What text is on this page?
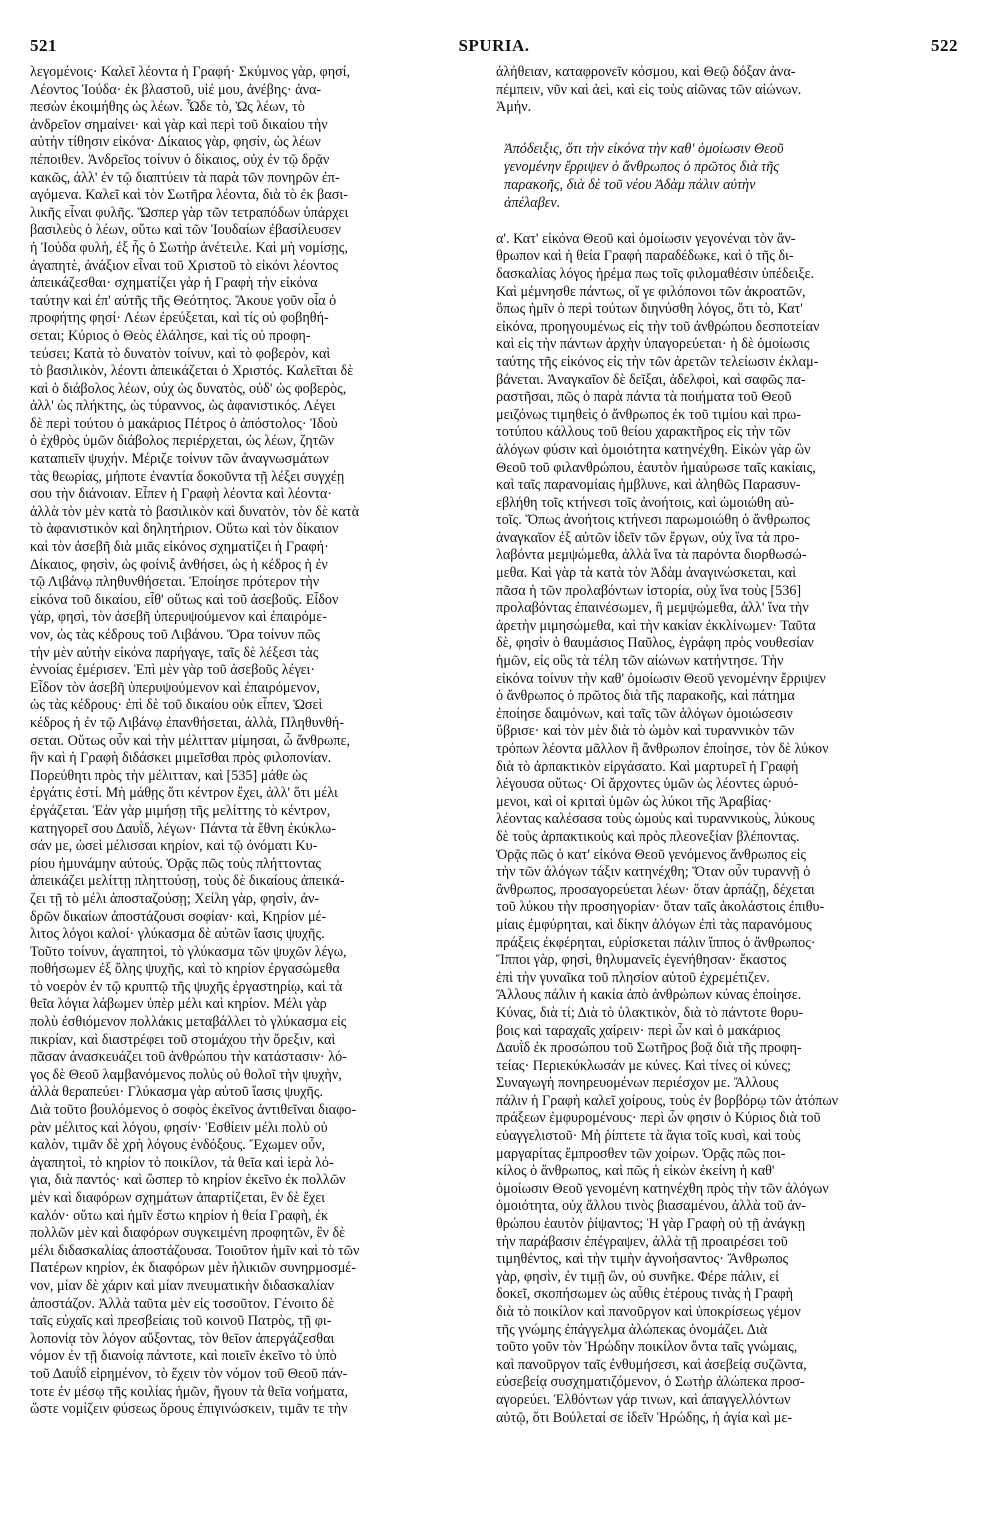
521	SPURIA.	522
λεγομένοις· Καλεῖ λέοντα ἡ Γραφή· Σκύμνος γὰρ, φησί,
Λέοντος Ἰούδα· ἐκ βλαστοῦ, υἱέ μου, ἀνέβης· ἀνα-
πεσὼν ἐκοιμήθης ὡς λέων. Ὧδε τὸ, Ὡς λέων, τὸ
ἀνδρεῖον σημαίνει· καὶ γὰρ καὶ περὶ τοῦ δικαίου τὴν
αὐτὴν τίθησιν εἰκόνα· Δίκαιος γὰρ, φησίν, ὡς λέων
πέποιθεν. Ἀνδρεῖος τοίνυν ὁ δίκαιος, οὐχ ἐν τῷ δρᾷν
κακῶς, ἀλλ' ἐν τῷ διαπτύειν τὰ παρὰ τῶν πονηρῶν ἐπ-
αγόμενα. Καλεῖ καὶ τὸν Σωτῆρα λέοντα, διὰ τὸ ἐκ βασι-
λικῆς εἶναι φυλῆς. Ὥσπερ γὰρ τῶν τετραπόδων ὑπάρχει
βασιλεὺς ὁ λέων, οὕτω καὶ τῶν Ἰουδαίων ἐβασίλευσεν
ἡ Ἰούδα φυλὴ, ἐξ ἧς ὁ Σωτὴρ ἀνέτειλε. Καὶ μὴ νομίσῃς,
ἀγαπητὲ, ἀνάξιον εἶναι τοῦ Χριστοῦ τὸ εἰκόνι λέοντος
ἀπεικάζεσθαι· σχηματίζει γὰρ ἡ Γραφὴ τὴν εἰκόνα
ταύτην καὶ ἐπ' αὐτῆς τῆς Θεότητος. Ἄκουε γοῦν οἷα ὁ
προφήτης φησί· Λέων ἐρεύξεται, καὶ τίς οὐ φοβηθή-
σεται; Κύριος ὁ Θεὸς ἐλάλησε, καὶ τίς οὐ προφη-
τεύσει; Κατὰ τὸ δυνατὸν τοίνυν, καὶ τὸ φοβερὸν, καὶ
τὸ βασιλικὸν, λέοντι ἀπεικάζεται ὁ Χριστός. Καλεῖται δὲ
καὶ ὁ διάβολος λέων, οὐχ ὡς δυνατὸς, οὐδ' ὡς φοβερὸς,
ἀλλ' ὡς πλήκτης, ὡς τύραννος, ὡς ἀφανιστικός. Λέγει
δὲ περὶ τούτου ὁ μακάριος Πέτρος ὁ ἀπόστολος· Ἰδοὺ
ὁ ἐχθρὸς ὑμῶν διάβολος περιέρχεται, ὡς λέων, ζητῶν
καταπιεῖν ψυχήν. Μέριζε τοίνυν τῶν ἀναγνωσμάτων
τὰς θεωρίας, μήποτε ἐναντία δοκοῦντα τῇ λέξει συγχέῃ
σου τὴν διάνοιαν. Εἶπεν ἡ Γραφὴ λέοντα καὶ λέοντα·
ἀλλὰ τὸν μὲν κατὰ τὸ βασιλικὸν καὶ δυνατὸν, τὸν δὲ κατὰ
τὸ ἀφανιστικὸν καὶ δηλητήριον. Οὕτω καὶ τὸν δίκαιον
καὶ τὸν ἀσεβῆ διὰ μιᾶς εἰκόνος σχηματίζει ἡ Γραφή·
Δίκαιος, φησὶν, ὡς φοίνιξ ἀνθήσει, ὡς ἡ κέδρος ἡ ἐν
τῷ Λιβάνῳ πληθυνθήσεται. Ἐποίησε πρότερον τὴν
εἰκόνα τοῦ δικαίου, εἶθ' οὕτως καὶ τοῦ ἀσεβοῦς. Εἶδον
γὰρ, φησὶ, τὸν ἀσεβῆ ὑπερυψούμενον καὶ ἐπαιρόμε-
νον, ὡς τὰς κέδρους τοῦ Λιβάνου. Ὅρα τοίνυν πῶς
τὴν μὲν αὐτὴν εἰκόνα παρήγαγε, ταῖς δὲ λέξεσι τὰς
ἐννοίας ἐμέρισεν. Ἐπὶ μὲν γὰρ τοῦ ἀσεβοῦς λέγει·
Εἶδον τὸν ἀσεβῆ ὑπερυψούμενον καὶ ἐπαιρόμενον,
ὡς τὰς κέδρους· ἐπὶ δὲ τοῦ δικαίου οὐκ εἶπεν, Ὡσεὶ
κέδρος ἡ ἐν τῷ Λιβάνῳ ἐπανθήσεται, ἀλλὰ, Πληθυνθή-
σεται. Οὕτως οὖν καὶ τὴν μέλιτταν μίμησαι, ὦ ἄνθρωπε,
ἣν καὶ ἡ Γραφὴ διδάσκει μιμεῖσθαι πρὸς φιλοπονίαν.
Πορεύθητι πρὸς τὴν μέλιτταν, καὶ [535] μάθε ὡς
ἐργάτις ἐστί. Μὴ μάθῃς ὅτι κέντρον ἔχει, ἀλλ' ὅτι μέλι
ἐργάζεται. Ἐὰν γὰρ μιμήσῃ τῆς μελίττης τὸ κέντρον,
κατηγορεῖ σου Δαυῒδ, λέγων· Πάντα τὰ ἔθνη ἐκύκλω-
σάν με, ὡσεὶ μέλισσαι κηρίον, καὶ τῷ ὀνόματι Κυ-
ρίου ἠμυνάμην αὐτούς. Ὁρᾷς πῶς τοὺς πλήττοντας
ἀπεικάζει μελίττῃ πληττούσῃ, τοὺς δὲ δικαίους ἀπεικά-
ζει τῇ τὸ μέλι ἀποσταζούσῃ; Χείλη γὰρ, φησὶν, ἀν-
δρῶν δικαίων ἀποστάζουσι σοφίαν· καὶ, Κηρίον μέ-
λιτος λόγοι καλοί· γλύκασμα δὲ αὐτῶν ἴασις ψυχῆς.
Τοῦτο τοίνυν, ἀγαπητοὶ, τὸ γλύκασμα τῶν ψυχῶν λέγω,
ποθήσωμεν ἐξ ὅλης ψυχῆς, καὶ τὸ κηρίον ἐργασώμεθα
τὸ νοερὸν ἐν τῷ κρυπτῷ τῆς ψυχῆς ἐργαστηρίῳ, καὶ τὰ
θεῖα λόγια λάβωμεν ὑπὲρ μέλι καὶ κηρίον. Μέλι γὰρ
πολὺ ἐσθιόμενον πολλάκις μεταβάλλει τὸ γλύκασμα εἰς
πικρίαν, καὶ διαστρέφει τοῦ στομάχου τὴν ὄρεξιν, καὶ
πᾶσαν ἀνασκευάζει τοῦ ἀνθρώπου τὴν κατάστασιν· λό-
γος δὲ Θεοῦ λαμβανόμενος πολὺς οὐ θολοῖ τὴν ψυχὴν,
ἀλλὰ θεραπεύει· Γλύκασμα γὰρ αὐτοῦ ἴασις ψυχῆς.
Διὰ τοῦτο βουλόμενος ὁ σοφὸς ἐκεῖνος ἀντιθεῖναι διαφο-
ρὰν μέλιτος καὶ λόγου, φησίν· Ἐσθίειν μέλι πολὺ οὐ
καλὸν, τιμᾶν δὲ χρὴ λόγους ἐνδόξους. Ἔχωμεν οὖν,
ἀγαπητοὶ, τὸ κηρίον τὸ ποικίλον, τὰ θεῖα καὶ ἱερὰ λό-
για, διὰ παντός· καὶ ὥσπερ τὸ κηρίον ἐκεῖνο ἐκ πολλῶν
μὲν καὶ διαφόρων σχημάτων ἀπαρτίζεται, ἓν δὲ ἔχει
καλόν· οὕτω καὶ ἡμῖν ἔστω κηρίον ἡ θεία Γραφὴ, ἐκ
πολλῶν μὲν καὶ διαφόρων συγκειμένη προφητῶν, ἓν δὲ
μέλι διδασκαλίας ἀποστάζουσα. Τοιοῦτον ἡμῖν καὶ τὸ τῶν
Πατέρων κηρίον, ἐκ διαφόρων μὲν ἡλικιῶν συνηρμοσμέ-
νον, μίαν δὲ χάριν καὶ μίαν πνευματικὴν διδασκαλίαν
ἀποστάζον. Ἀλλὰ ταῦτα μὲν εἰς τοσοῦτον. Γένοιτο δὲ
ταῖς εὐχαῖς καὶ πρεσβείαις τοῦ κοινοῦ Πατρὸς, τῇ φι-
λοπονίᾳ τὸν λόγον αὔξοντας, τὸν θεῖον ἀπεργάζεσθαι
νόμον ἐν τῇ διανοίᾳ πάντοτε, καὶ ποιεῖν ἐκεῖνο τὸ ὑπὸ
τοῦ Δαυῒδ εἰρημένον, τὸ ἔχειν τὸν νόμον τοῦ Θεοῦ πάν-
τοτε ἐν μέσῳ τῆς κοιλίας ἡμῶν, ἤγουν τὰ θεῖα νοήματα,
ὥστε νομίζειν φύσεως ὅρους ἐπιγινώσκειν, τιμᾶν τε τὴν
ἀλήθειαν, καταφρονεῖν κόσμου, καὶ Θεῷ δόξαν ἀνα-
πέμπειν, νῦν καὶ ἀεὶ, καὶ εἰς τοὺς αἰῶνας τῶν αἰώνων.
Ἀμήν.
Ἀπόδειξις, ὅτι τὴν εἰκόνα τὴν καθ' ὁμοίωσιν Θεοῦ
γενομένην ἔρριψεν ὁ ἄνθρωπος ὁ πρῶτος διὰ τῆς
παρακοῆς, διὰ δὲ τοῦ νέου Ἀδὰμ πάλιν αὐτὴν
ἀπέλαβεν.
α'. Κατ' εἰκόνα Θεοῦ καὶ ὁμοίωσιν γεγονέναι τὸν ἄν-
θρωπον καὶ ἡ θεία Γραφὴ παραδέδωκε, καὶ ὁ τῆς δι-
δασκαλίας λόγος ἠρέμα πως τοῖς φιλομαθέσιν ὑπέδειξε.
Καὶ μέμνησθε πάντως, οἵ γε φιλόπονοι τῶν ἀκροατῶν,
ὅπως ἡμῖν ὁ περὶ τούτων διηνύσθη λόγος, ὅτι τὸ, Κατ'
εἰκόνα, προηγουμένως εἰς τὴν τοῦ ἀνθρώπου δεσποτείαν
καὶ εἰς τὴν πάντων ἀρχὴν ὑπαγορεύεται· ἡ δὲ ὁμοίωσις
ταύτης τῆς εἰκόνος εἰς τὴν τῶν ἀρετῶν τελείωσιν ἐκλαμ-
βάνεται. Ἀναγκαῖον δὲ δεῖξαι, ἀδελφοὶ, καὶ σαφῶς πα-
ραστῆσαι, πῶς ὁ παρὰ πάντα τὰ ποιήματα τοῦ Θεοῦ
μειζόνως τιμηθεὶς ὁ ἄνθρωπος ἐκ τοῦ τιμίου καὶ πρω-
τοτύπου κάλλους τοῦ θείου χαρακτῆρος εἰς τὴν τῶν
ἀλόγων φύσιν καὶ ὁμοιότητα κατηνέχθη. Εἰκὼν γὰρ ὢν
Θεοῦ τοῦ φιλανθρώπου, ἑαυτὸν ἠμαύρωσε ταῖς κακίαις,
καὶ ταῖς παρανομίαις ἠμβλυνε, καὶ ἀληθῶς Παρασυν-
εβλήθη τοῖς κτήνεσι τοῖς ἀνοήτοις, καὶ ὡμοιώθη αὐ-
τοῖς. Ὅπως ἀνοήτοις κτήνεσι παρωμοιώθη ὁ ἄνθρωπος
ἀναγκαῖον ἐξ αὐτῶν ἰδεῖν τῶν ἔργων, οὐχ ἵνα τὰ προ-
λαβόντα μεμψώμεθα, ἀλλὰ ἵνα τὰ παρόντα διορθωσώ-
μεθα. Καὶ γὰρ τὰ κατὰ τὸν Ἀδὰμ ἀναγινώσκεται, καὶ
πᾶσα ἡ τῶν προλαβόντων ἱστορία, οὐχ ἵνα τοὺς [536]
προλαβόντας ἐπαινέσωμεν, ἢ μεμψώμεθα, ἀλλ' ἵνα τὴν
ἀρετὴν μιμησώμεθα, καὶ τὴν κακίαν ἐκκλίνωμεν· Ταῦτα
δὲ, φησὶν ὁ θαυμάσιος Παῦλος, ἐγράφη πρὸς νουθεσίαν
ἡμῶν, εἰς οὓς τὰ τέλη τῶν αἰώνων κατήντησε. Τὴν
εἰκόνα τοίνυν τὴν καθ' ὁμοίωσιν Θεοῦ γενομένην ἔρριψεν
ὁ ἄνθρωπος ὁ πρῶτος διὰ τῆς παρακοῆς, καὶ πάτημα
ἐποίησε δαιμόνων, καὶ ταῖς τῶν ἀλόγων ὁμοιώσεσιν
ὕβρισε· καὶ τὸν μὲν διὰ τὸ ὠμὸν καὶ τυραννικὸν τῶν
τρόπων λέοντα μᾶλλον ἢ ἄνθρωπον ἐποίησε, τὸν δὲ λύκον
διὰ τὸ ἁρπακτικὸν εἰργάσατο. Καὶ μαρτυρεῖ ἡ Γραφὴ
λέγουσα οὕτως· Οἱ ἄρχοντες ὑμῶν ὡς λέοντες ὠρυό-
μενοι, καὶ οἱ κριταὶ ὑμῶν ὡς λύκοι τῆς Ἀραβίας·
λέοντας καλέσασα τοὺς ὠμοὺς καὶ τυραννικοὺς, λύκους
δὲ τοὺς ἁρπακτικοὺς καὶ πρὸς πλεονεξίαν βλέποντας.
Ὁρᾷς πῶς ὁ κατ' εἰκόνα Θεοῦ γενόμενος ἄνθρωπος εἰς
τὴν τῶν ἀλόγων τάξιν κατηνέχθη; Ὅταν οὖν τυραννῇ ὁ
ἄνθρωπος, προσαγορεύεται λέων· ὅταν ἁρπάζῃ, δέχεται
τοῦ λύκου τὴν προσηγορίαν· ὅταν ταῖς ἀκολάστοις ἐπιθυ-
μίαις ἐμφύρηται, καὶ δίκην ἀλόγων ἐπὶ τὰς παρανόμους
πράξεις ἐκφέρηται, εὑρίσκεται πάλιν ἵππος ὁ ἄνθρωπος·
Ἵπποι γὰρ, φησὶ, θηλυμανεῖς ἐγενήθησαν· ἕκαστος
ἐπὶ τὴν γυναῖκα τοῦ πλησίον αὐτοῦ ἐχρεμέτιζεν.
Ἄλλους πάλιν ἡ κακία ἀπὸ ἀνθρώπων κύνας ἐποίησε.
Κύνας, διὰ τί; Διὰ τὸ ὑλακτικὸν, διὰ τὸ πάντοτε θορυ-
βοις καὶ ταραχαῖς χαίρειν· περὶ ὧν καὶ ὁ μακάριος
Δαυῒδ ἐκ προσώπου τοῦ Σωτῆρος βοᾷ διὰ τῆς προφη-
τείας· Περιεκύκλωσάν με κύνες. Καὶ τίνες οἱ κύνες;
Συναγωγὴ πονηρευομένων περιέσχον με. Ἄλλους
πάλιν ἡ Γραφὴ καλεῖ χοίρους, τοὺς ἐν βορβόρῳ τῶν ἀτόπων
πράξεων ἐμφυρομένους· περὶ ὧν φησιν ὁ Κύριος διὰ τοῦ
εὐαγγελιστοῦ· Μὴ ῥίπτετε τὰ ἅγια τοῖς κυσὶ, καὶ τοὺς
μαργαρίτας ἔμπροσθεν τῶν χοίρων. Ὁρᾷς πῶς ποι-
κίλος ὁ ἄνθρωπος, καὶ πῶς ἡ εἰκὼν ἐκείνη ἡ καθ'
ὁμοίωσιν Θεοῦ γενομένη κατηνέχθη πρὸς τὴν τῶν ἀλόγων
ὁμοιότητα, οὐχ ἄλλου τινὸς βιασαμένου, ἀλλὰ τοῦ ἀν-
θρώπου ἑαυτὸν ῥίψαντος; Ἡ γὰρ Γραφὴ οὐ τῇ ἀνάγκῃ
τὴν παράβασιν ἐπέγραψεν, ἀλλὰ τῇ προαιρέσει τοῦ
τιμηθέντος, καὶ τὴν τιμὴν ἀγνοήσαντος· Ἄνθρωπος
γὰρ, φησὶν, ἐν τιμῇ ὢν, οὐ συνῆκε. Φέρε πάλιν, εἰ
δοκεῖ, σκοπήσωμεν ὡς αὖθις ἑτέρους τινὰς ἡ Γραφὴ
διὰ τὸ ποικίλον καὶ πανοῦργον καὶ ὑποκρίσεως γέμον
τῆς γνώμης ἐπάγγελμα ἀλώπεκας ὀνομάζει. Διὰ
τοῦτο γοῦν τὸν Ἡρώδην ποικίλον ὄντα ταῖς γνώμαις,
καὶ πανοῦργον ταῖς ἐνθυμήσεσι, καὶ ἀσεβείᾳ συζῶντα,
εὐσεβείᾳ συσχηματιζόμενον, ὁ Σωτὴρ ἀλώπεκα προσ-
αγορεύει. Ἐλθόντων γάρ τινων, καὶ ἀπαγγελλόντων
αὐτῷ, ὅτι Βούλεταί σε ἰδεῖν Ἡρώδης, ἡ ἁγία καὶ με-
